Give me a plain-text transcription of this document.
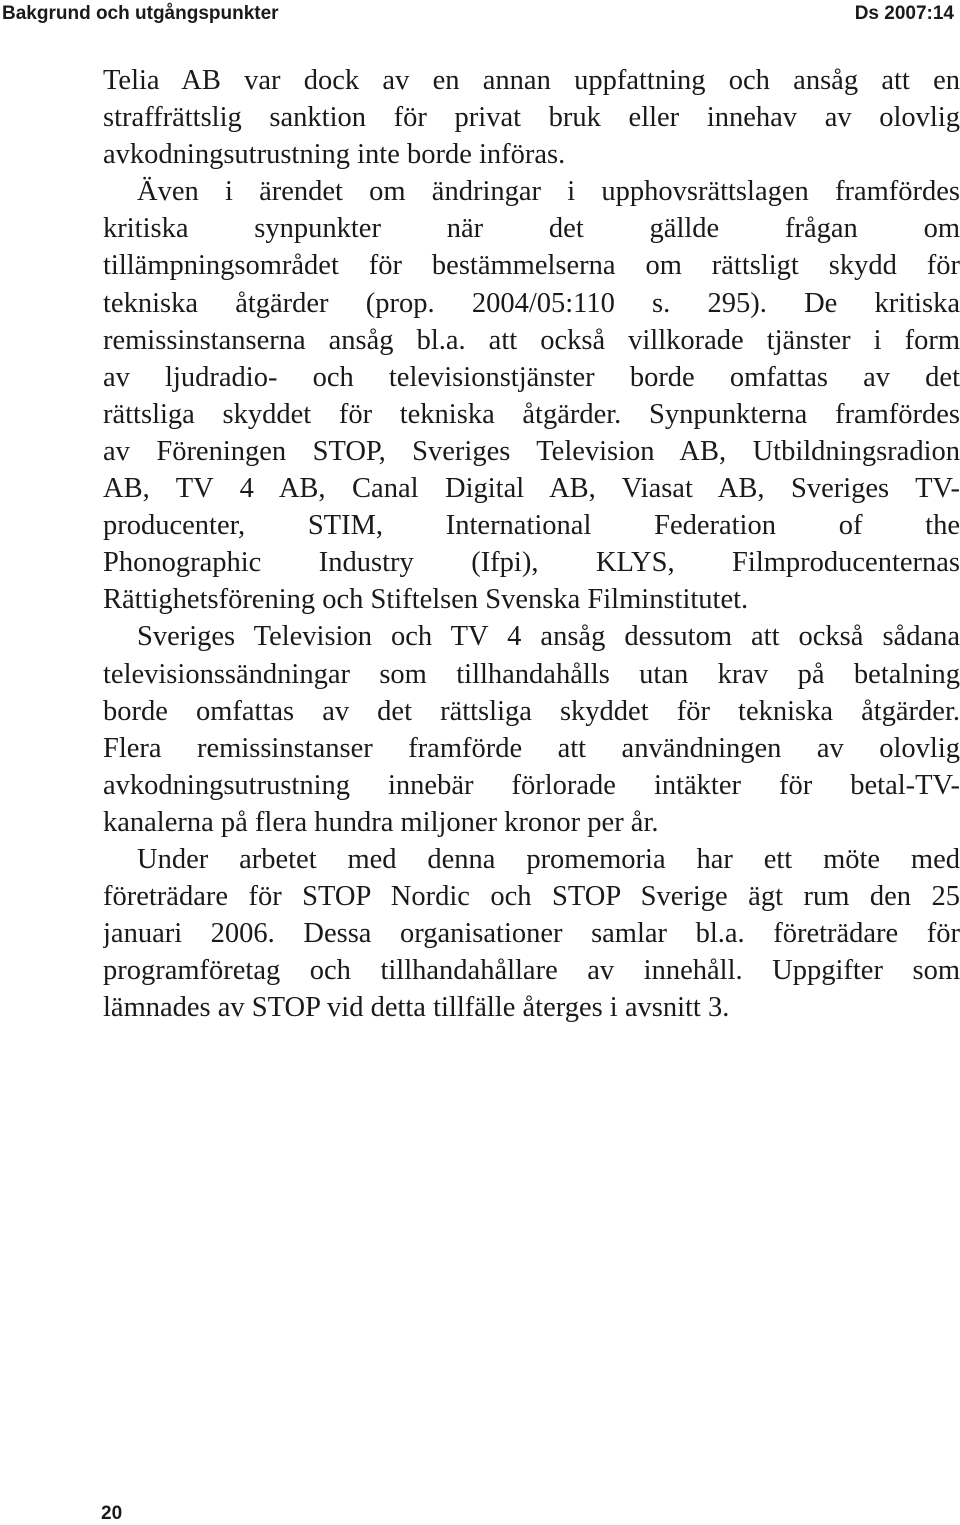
Bakgrund och utgångspunkter	Ds 2007:14
Telia AB var dock av en annan uppfattning och ansåg att en
straffrättslig sanktion för privat bruk eller innehav av olovlig
avkodningsutrustning inte borde införas.
Även i ärendet om ändringar i upphovsrättslagen framfördes
kritiska synpunkter när det gällde frågan om
tillämpningsområdet för bestämmelserna om rättsligt skydd för
tekniska åtgärder (prop. 2004/05:110 s. 295). De kritiska
remissinstanserna ansåg bl.a. att också villkorade tjänster i form
av ljudradio- och televisionstjänster borde omfattas av det
rättsliga skyddet för tekniska åtgärder. Synpunkterna framfördes
av Föreningen STOP, Sveriges Television AB, Utbildningsradion
AB, TV 4 AB, Canal Digital AB, Viasat AB, Sveriges TV-
producenter, STIM, International Federation of the
Phonographic Industry (Ifpi), KLYS, Filmproducenternas
Rättighetsförening och Stiftelsen Svenska Filminstitutet.
Sveriges Television och TV 4 ansåg dessutom att också sådana
televisionssändningar som tillhandahålls utan krav på betalning
borde omfattas av det rättsliga skyddet för tekniska åtgärder.
Flera remissinstanser framförde att användningen av olovlig
avkodningsutrustning innebär förlorade intäkter för betal-TV-
kanalerna på flera hundra miljoner kronor per år.
Under arbetet med denna promemoria har ett möte med
företrädare för STOP Nordic och STOP Sverige ägt rum den 25
januari 2006. Dessa organisationer samlar bl.a. företrädare för
programföretag och tillhandahållare av innehåll. Uppgifter som
lämnades av STOP vid detta tillfälle återges i avsnitt 3.
20
